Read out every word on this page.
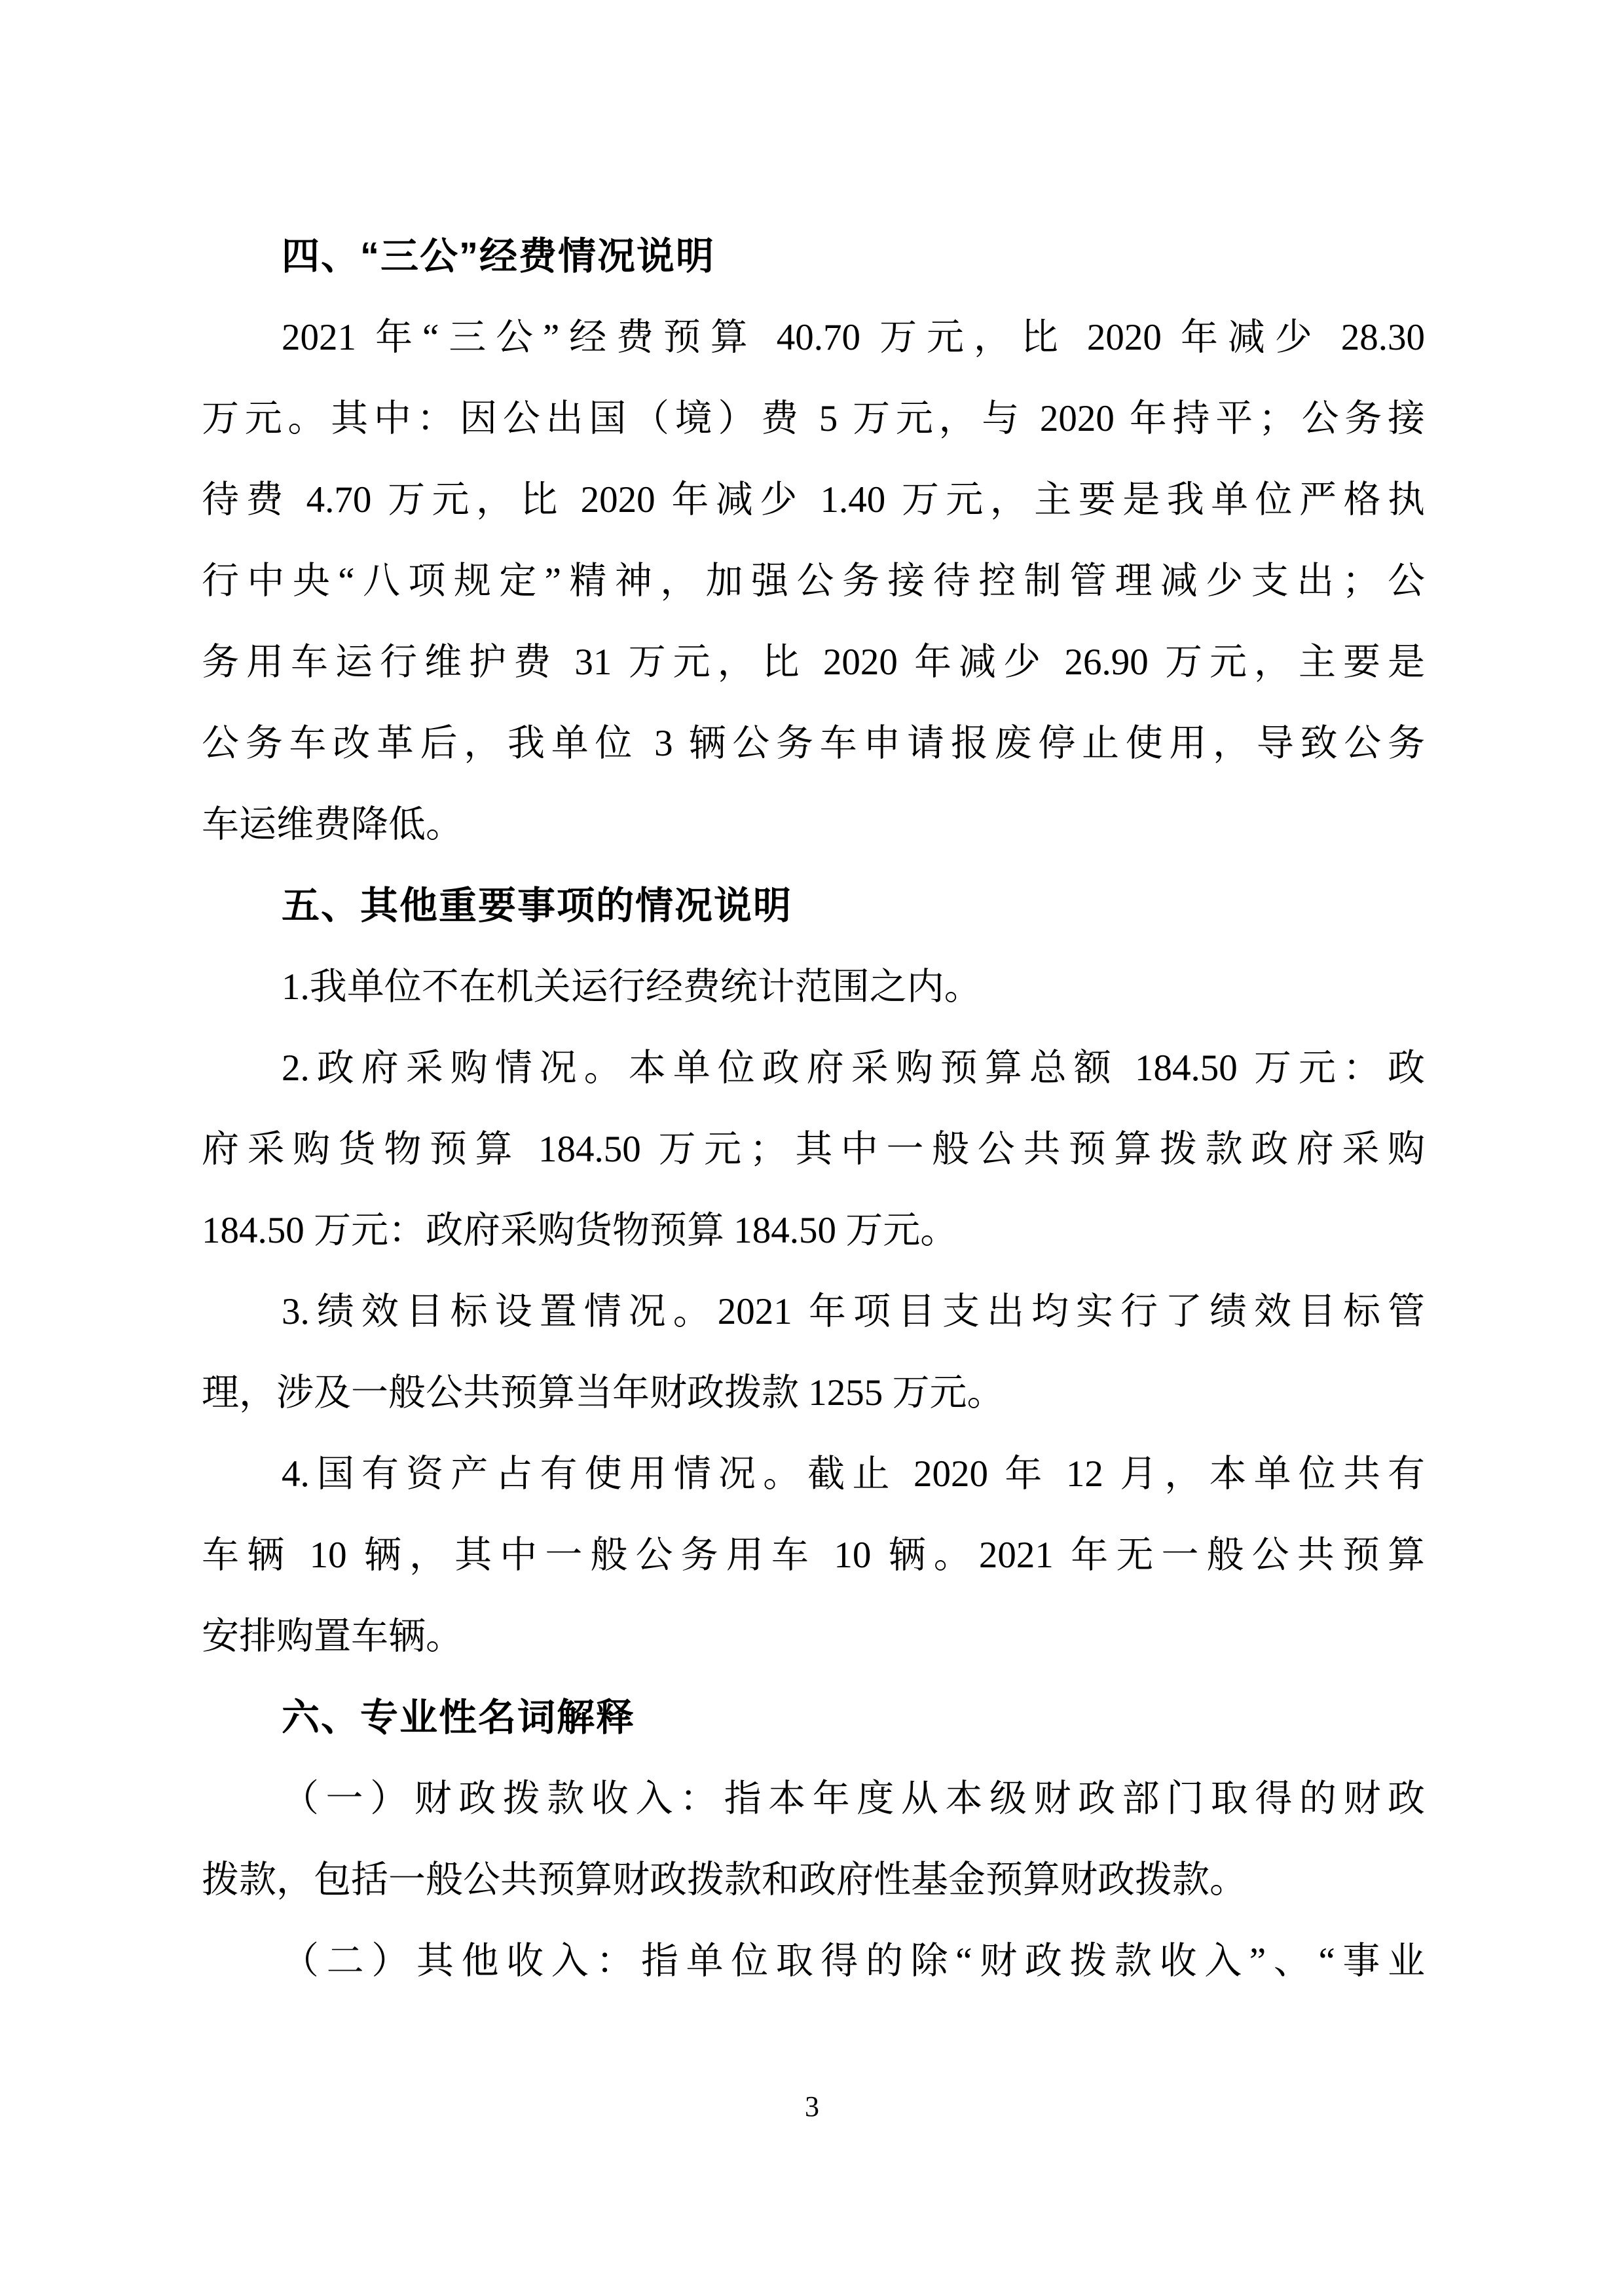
四、“三公”经费情况说明
2021 年“三公”经费预算 40.70 万元，比 2020 年减少 28.30
万元。其中：因公出国（境）费 5 万元，与 2020 年持平；公务接
待费 4.70 万元，比 2020 年减少 1.40 万元，主要是我单位严格执
行中央“八项规定”精神，加强公务接待控制管理减少支出；公
务用车运行维护费 31 万元，比 2020 年减少 26.90 万元，主要是
公务车改革后，我单位 3 辆公务车申请报废停止使用，导致公务
车运维费降低。
五、其他重要事项的情况说明
1.我单位不在机关运行经费统计范围之内。
2.政府采购情况。本单位政府采购预算总额 184.50 万元：政
府采购货物预算 184.50 万元；其中一般公共预算拨款政府采购
184.50 万元：政府采购货物预算 184.50 万元。
3.绩效目标设置情况。2021 年项目支出均实行了绩效目标管
理，涉及一般公共预算当年财政拨款 1255 万元。
4.国有资产占有使用情况。截止 2020 年 12 月，本单位共有
车辆 10 辆，其中一般公务用车 10 辆。2021 年无一般公共预算
安排购置车辆。
六、专业性名词解释
（一）财政拨款收入：指本年度从本级财政部门取得的财政
拨款，包括一般公共预算财政拨款和政府性基金预算财政拨款。
（二）其他收入：指单位取得的除“财政拨款收入”、“事业
3
